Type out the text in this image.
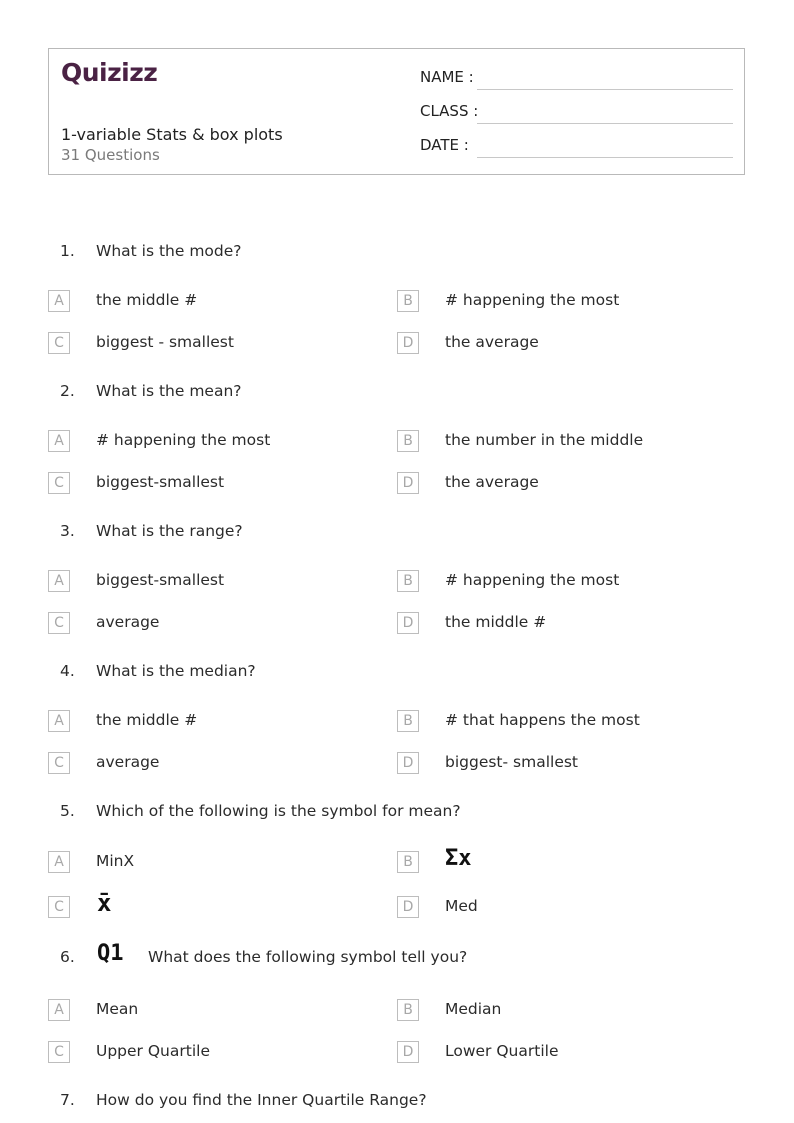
Quizizz
1-variable Stats & box plots
31 Questions
NAME :
CLASS :
DATE :
1. What is the mode?
A	the middle #	B	# happening the most
C	biggest - smallest	D	the average
2. What is the mean?
A	# happening the most	B	the number in the middle
C	biggest-smallest	D	the average
3. What is the range?
A	biggest-smallest	B	# happening the most
C	average	D	the middle #
4. What is the median?
A	the middle #	B	# that happens the most
C	average	D	biggest- smallest
5. Which of the following is the symbol for mean?
A	MinX	B Σx
C x̄	D	Med
6. Q1 What does the following symbol tell you?
A	Mean	B	Median
C	Upper Quartile	D	Lower Quartile
7. How do you find the Inner Quartile Range?
